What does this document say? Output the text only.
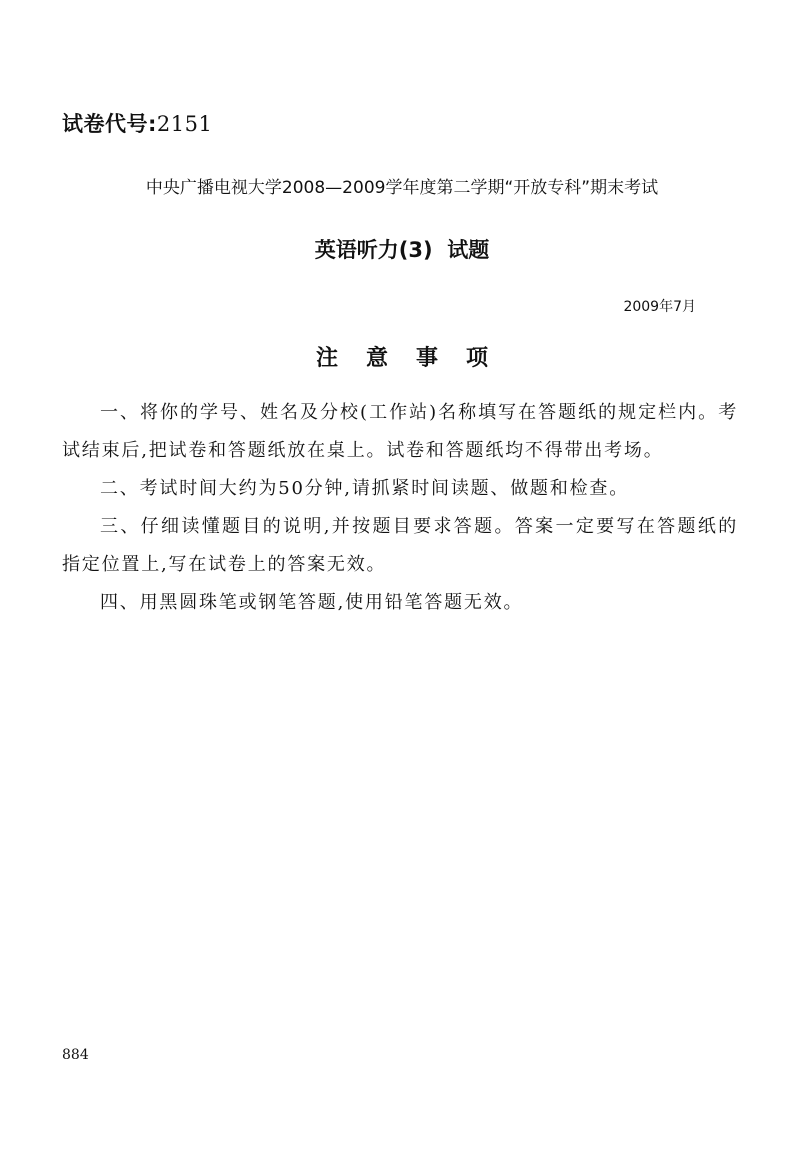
试卷代号:2151
中央广播电视大学2008—2009学年度第二学期“开放专科”期末考试
英语听力(3)  试题
2009年7月
注意事项

一、将你的学号、姓名及分校(工作站)名称填写在答题纸的规定栏内。考试结束后,把试卷和答题纸放在桌上。试卷和答题纸均不得带出考场。

二、考试时间大约为50分钟,请抓紧时间读题、做题和检查。

三、仔细读懂题目的说明,并按题目要求答题。答案一定要写在答题纸的指定位置上,写在试卷上的答案无效。

四、用黑圆珠笔或钢笔答题,使用铅笔答题无效。

884
